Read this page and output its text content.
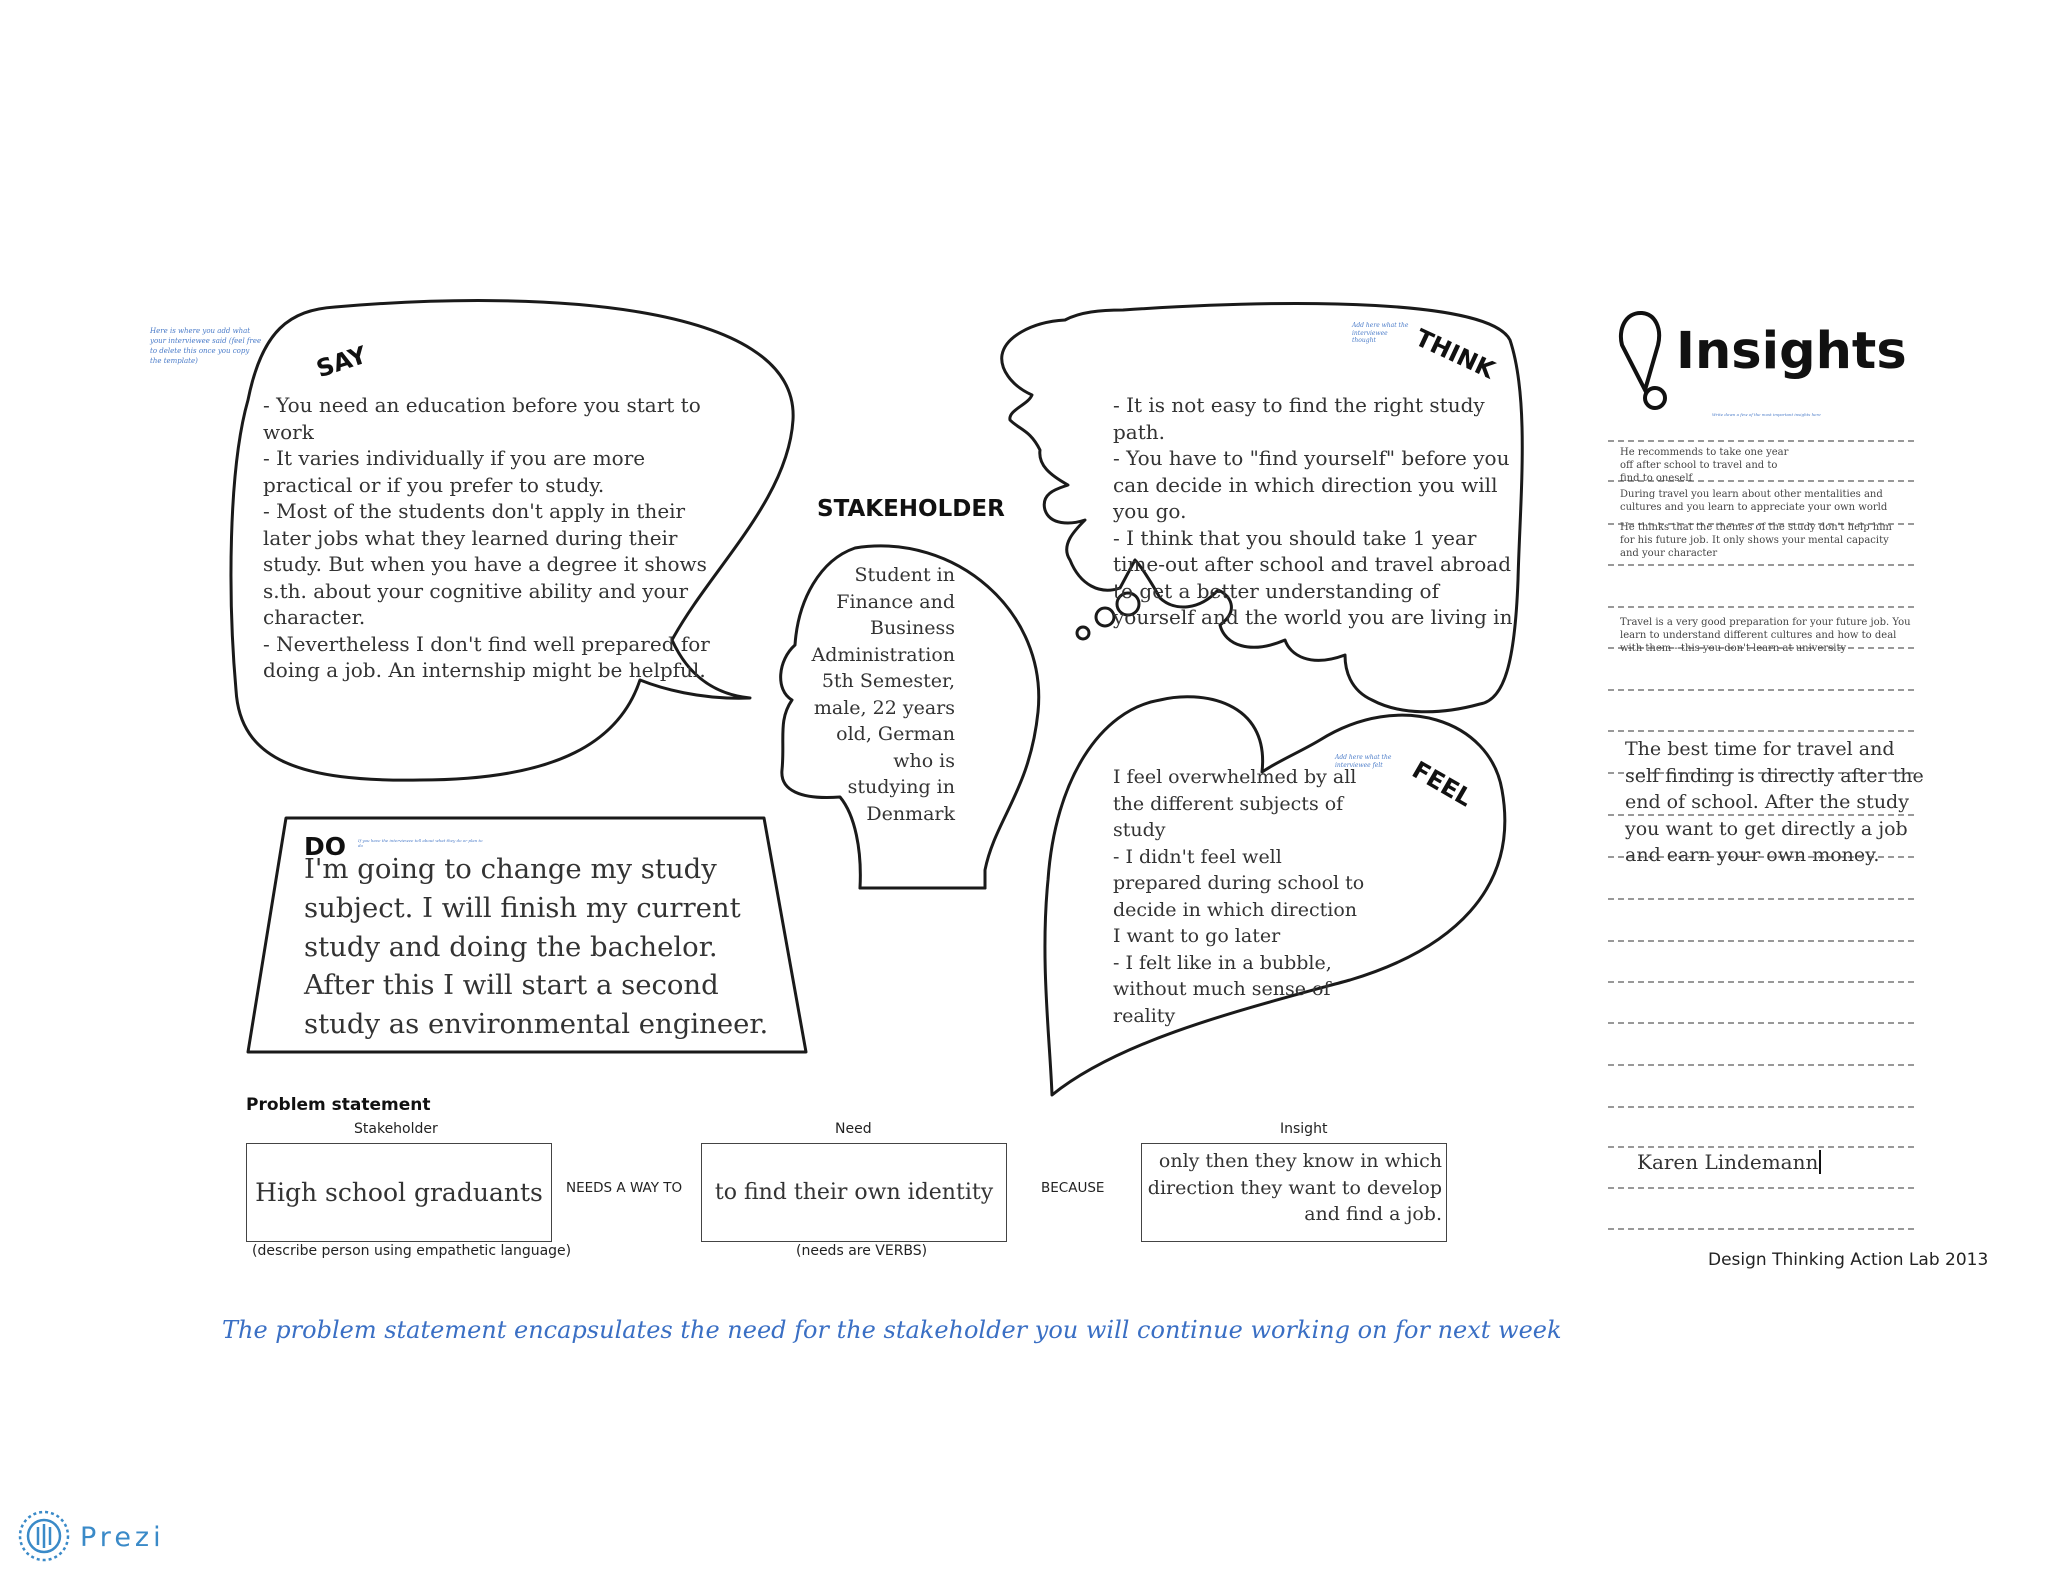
SAY
Here is where you add what your interviewee said (feel free to delete this once you copy the template)
- You need an education before you start to work
- It varies individually if you are more practical or if you prefer to study.
- Most of the students don't apply in their later jobs what they learned during their study. But when you have a degree it shows s.th. about your cognitive ability and your character.
- Nevertheless I don't find well prepared for doing a job. An internship might be helpful.
STAKEHOLDER
Student in Finance and Business Administration 5th Semester, male, 22 years old, German who is studying in Denmark
THINK
Add here what the interviewee thought
- It is not easy to find the right study path.
- You have to "find yourself" before you can decide in which direction you will you go.
- I think that you should take 1 year time-out after school and travel abroad to get a better understanding of yourself and the world you are living in
DO	If you have the interviewee tell about what they do or plan to do
I'm going to change my study subject. I will finish my current study and doing the bachelor. After this I will start a second study as environmental engineer.
FEEL
Add here what the interviewee felt
I feel overwhelmed by all the different subjects of study
- I didn't feel well prepared during school to decide in which direction I want to go later
- I felt like in a bubble, without much sense of reality
Insights
Write down a few of the most important insights here
He recommends to take one year off after school to travel and to find to oneself
During travel you learn about other mentalities and cultures and you learn to appreciate your own world
He thinks that the themes of the study don't help him for his future job. It only shows your mental capacity and your character
Travel is a very good preparation for your future job. You learn to understand different cultures and how to deal with them - this you don't learn at university
The best time for travel and self finding is directly after the end of school. After the study you want to get directly a job and earn your own money.
Karen Lindemann
Design Thinking Action Lab 2013
Problem statement
Stakeholder
High school graduants
(describe person using empathetic language)
NEEDS A WAY TO
Need
to find their own identity
(needs are VERBS)
BECAUSE
Insight
only then they know in which direction they want to develop and find a job.
The problem statement encapsulates the need for the stakeholder you will continue working on for next week
Prezi
